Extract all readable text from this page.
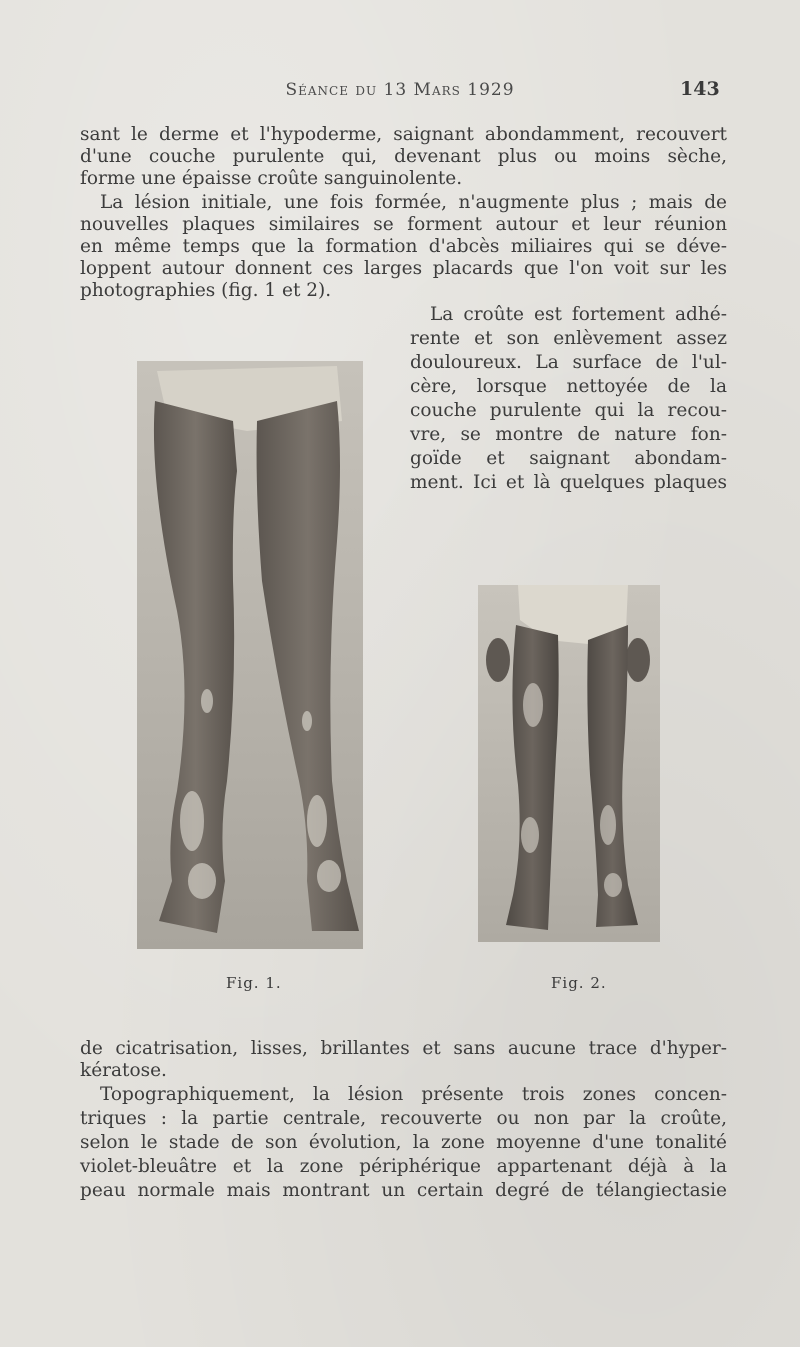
Séance du 13 Mars 1929	143
sant le derme et l'hypoderme, saignant abondamment, recouvert
d'une couche purulente qui, devenant plus ou moins sèche,
forme une épaisse croûte sanguinolente.
La lésion initiale, une fois formée, n'augmente plus ; mais de
nouvelles plaques similaires se forment autour et leur réunion
en même temps que la formation d'abcès miliaires qui se déve-
loppent autour donnent ces larges placards que l'on voit sur les
photographies (fig. 1 et 2).
La croûte est fortement adhé-
rente et son enlèvement assez
douloureux. La surface de l'ul-
cère, lorsque nettoyée de la
couche purulente qui la recou-
vre, se montre de nature fon-
goïde et saignant abondam-
ment. Ici et là quelques plaques
Fig. 1.	Fig. 2.
de cicatrisation, lisses, brillantes et sans aucune trace d'hyper-
kératose.
Topographiquement, la lésion présente trois zones concen-
triques : la partie centrale, recouverte ou non par la croûte,
selon le stade de son évolution, la zone moyenne d'une tonalité
violet-bleuâtre et la zone périphérique appartenant déjà à la
peau normale mais montrant un certain degré de télangiectasie
